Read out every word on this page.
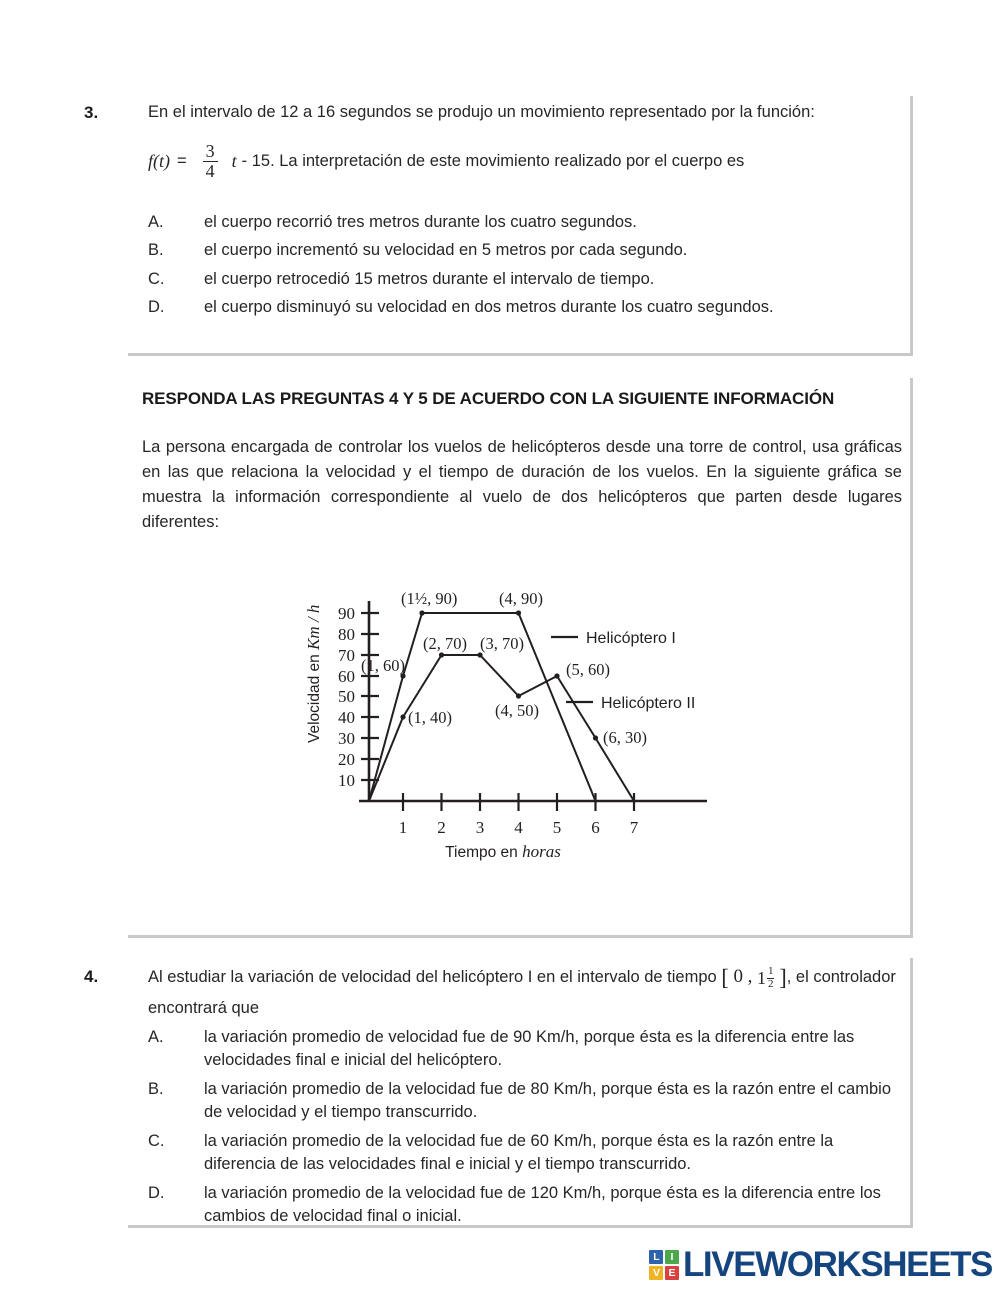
3.	En el intervalo de 12 a 16 segundos se produjo un movimiento representado por la función:
$f(t) = \frac{3}{4}$ t - 15. La interpretación de este movimiento realizado por el cuerpo es
A.	el cuerpo recorrió tres metros durante los cuatro segundos.
B.	el cuerpo incrementó su velocidad en 5 metros por cada segundo.
C.	el cuerpo retrocedió 15 metros durante el intervalo de tiempo.
D.	el cuerpo disminuyó su velocidad en dos metros durante los cuatro segundos.
RESPONDA LAS PREGUNTAS 4 Y 5 DE ACUERDO CON LA SIGUIENTE INFORMACIÓN
La persona encargada de controlar los vuelos de helicópteros desde una torre de control, usa gráficas en las que relaciona la velocidad y el tiempo de duración de los vuelos. En la siguiente gráfica se muestra la información correspondiente al vuelo de dos helicópteros que parten desde lugares diferentes:
90
80
70
60
50
40
30
20
10
1 2 3 4 5 6 7
Velocidad en Km / h
Tiempo en horas
(1½, 90)	(4, 90)
(2, 70) (3, 70)
(1, 60)
(1, 40)	(4, 50)
(5, 60)
(6, 30)
Helicóptero I
Helicóptero II
4.	Al estudiar la variación de velocidad del helicóptero I en el intervalo de tiempo [ 0 , $1 \frac{1}{2}$ ], el controlador encontrará que
A.	la variación promedio de velocidad fue de 90 Km/h, porque ésta es la diferencia entre las velocidades final e inicial del helicóptero.
B.	la variación promedio de la velocidad fue de 80 Km/h, porque ésta es la razón entre el cambio de velocidad y el tiempo transcurrido.
C.	la variación promedio de la velocidad fue de 60 Km/h, porque ésta es la razón entre la diferencia de las velocidades final e inicial y el tiempo transcurrido.
D.	la variación promedio de la velocidad fue de 120 Km/h, porque ésta es la diferencia entre los cambios de velocidad final o inicial.
L	I
V E LIVEWORKSHEETS
